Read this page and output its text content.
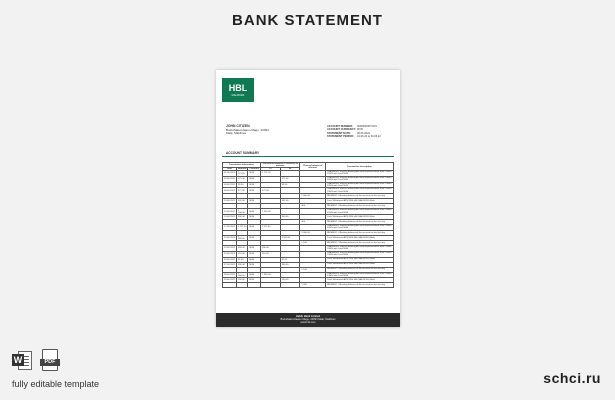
BANK STATEMENT
HBL
MALDIVES
JOHN CITIZEN
Boduthakurufaanu Magu, 20094
Malé, Maldives
ACCOUNT NUMBER:	00000000071101
ACCOUNT CURRENCY: MVR
STATEMENT DATE:	30.06.2022
STATEMENT PERIOD:	01.06.22 to 30.06.22
ACCOUNT SUMMARY
Transaction information			Transaction amount in currency of account		Closing balance of account	Transaction description
Date	Amount	Currency	Cr	Dr		
01.06.2022	1 171.50	MVR	1 171.50			TRANSFER: Internet banking Account Replenishment from Citizen JOHN with Card 9044
02.06.2022	171.50	MVR		171.50		TRANSFER: Internet banking Account Replenishment from Citizen JOHN with Card 9044
04.06.2022	99.50	MVR		99.50		TRANSFER: Internet banking Account Replenishment from Citizen JOHN with Card 9044
06.06.2022	477.00	MVR	477.00			TRANSFER: Internet banking Account Replenishment from Citizen JOHN with Card 9044
					1 500.00	PAYMENT: Offsetting balance of the account for the last day
10.06.2022	401.00	MVR		401.00		Cash Withdrawal ATM 2BS HBL MALDIVES Male
					900	PAYMENT: Offsetting balance of the account for the last day
12.06.2022	1 200.00	MVR	1 200.00			TRANSFER: Internet banking Account Replenishment from Citizen JOHN with Card 9044
14.06.2022	900.00	MVR		900.00		Cash Withdrawal ATM 2BS HBL MALDIVES Male
					900	PAYMENT: Offsetting balance of the account for the last day
17.06.2022	2 117.50	MVR	2 117.50			TRANSFER: Internet banking Account Replenishment from Citizen JOHN with Card 9044
					3 000.00	PAYMENT: Offsetting balance of the account for the last day
20.06.2022	1 900.00	MVR		1 900.00		Cash Withdrawal ATM 2BS HBL MALDIVES Male
					1 100	PAYMENT: Offsetting balance of the account for the last day
22.06.2022	390.00	MVR	390.00			TRANSFER: Internet banking Account Replenishment from Citizen JOHN with Card 9044
24.06.2022	310.00	MVR	310.00			TRANSFER: Internet banking Account Replenishment from Citizen JOHN with Card 9044
25.06.2022	87.00	MVR		87.00		Cash Withdrawal ATM 2BS HBL MALDIVES Male
27.06.2022	300.00	MVR		300.00		Cash Withdrawal ATM 2BS HBL MALDIVES Male
					1 100	PAYMENT: Offsetting balance of the account for the last day
28.06.2022	1 300.00	MVR	1 300.00			TRANSFER: Internet banking Account Replenishment from Citizen JOHN with Card 9044
29.06.2022	200.00	MVR		200.00		Cash Withdrawal ATM 2BS HBL MALDIVES Male
					2 200	PAYMENT: Offsetting balance of the account for the last day
Habib Bank Limited
Boduthakurufaanu Magu, 20094 Malé, Maldives
www.hbl.com
W	PDF
fully editable template	schci.ru
